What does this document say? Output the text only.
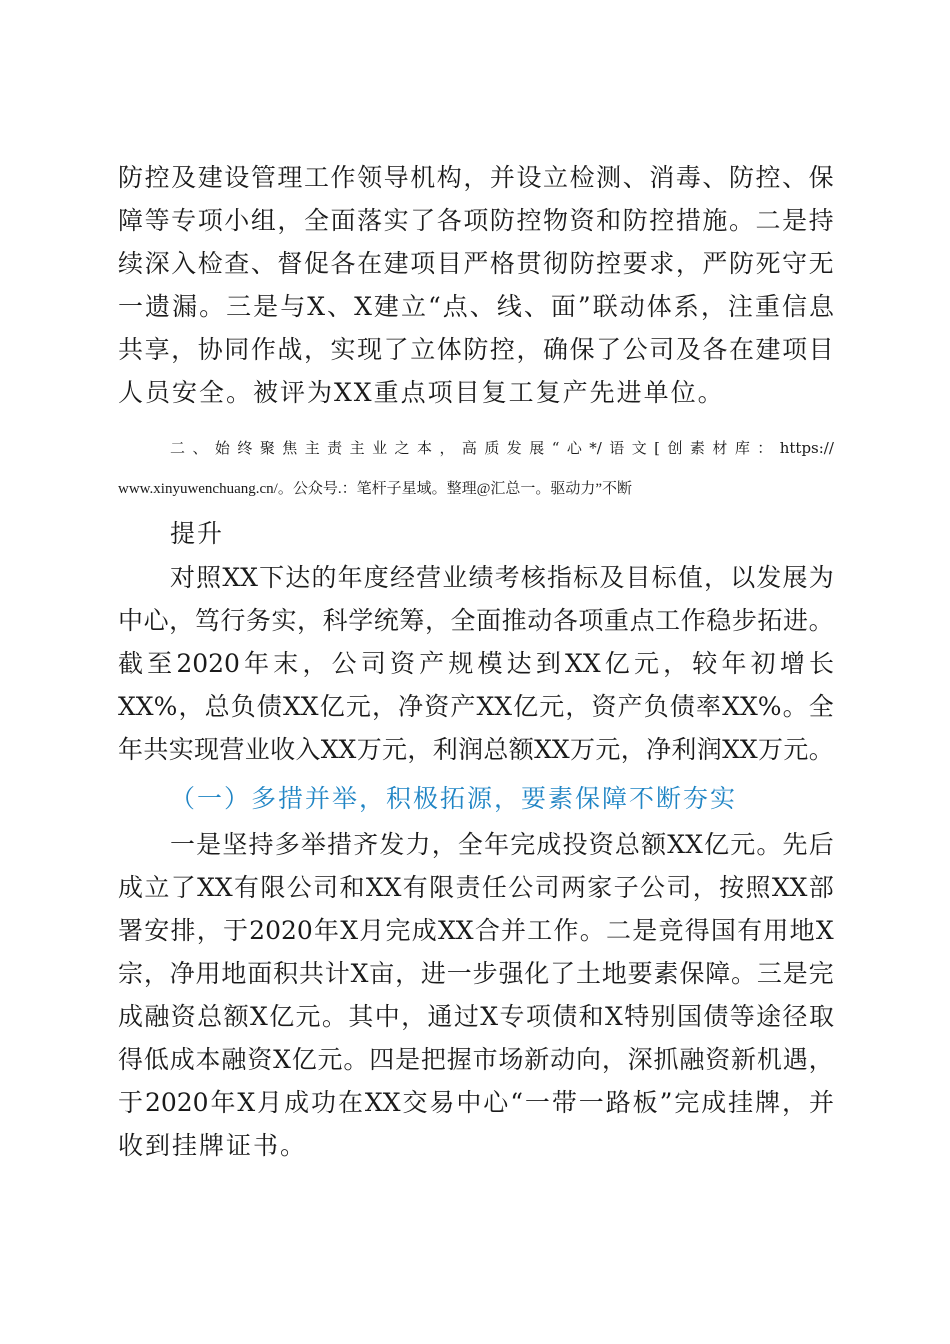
防 控 及 建 设 管 理 工 作 领 导 机 构 ， 并 设 立 检 测 、 消 毒 、 防 控 、 保
障 等 专 项 小 组 ， 全 面 落 实 了 各 项 防 控 物 资 和 防 控 措 施 。 二 是 持
续 深 入 检 查 、 督 促 各 在 建 项 目 严 格 贯 彻 防 控 要 求 ， 严 防 死 守 无
一 遗 漏 。 三 是 与 X 、 X 建 立 “ 点 、 线 、 面 ” 联 动 体 系 ， 注 重 信 息
共 享 ， 协 同 作 战 ， 实 现 了 立 体 防 控 ， 确 保 了 公 司 及 各 在 建 项 目
人员安全。被评为XX重点项目复工复产先进单位。
二 、 始 终 聚 焦 主 责 主 业 之 本 ， 高 质 发 展 “ 心 */ 语 文 [ 创 素 材 库 ： https://
www.xinyuwenchuang.cn/。公众号.：笔杆子星域。整理@汇总一。驱动力”不断
提升
对 照 XX 下 达 的 年 度 经 营 业 绩 考 核 指 标 及 目 标 值 ， 以 发 展 为
中 心 ， 笃 行 务 实 ， 科 学 统 筹 ， 全 面 推 动 各 项 重 点 工 作 稳 步 拓 进 。
截 至 2020 年 末 ， 公 司 资 产 规 模 达 到 XX 亿 元 ， 较 年 初 增 长
XX% ， 总 负 债 XX 亿 元 ， 净 资 产 XX 亿 元 ， 资 产 负 债 率 XX% 。 全
年 共 实 现 营 业 收 入 XX 万 元 ， 利 润 总 额 XX 万 元 ， 净 利 润 XX 万 元 。
（一）多措并举，积极拓源，要素保障不断夯实
一 是 坚 持 多 举 措 齐 发 力 ， 全 年 完 成 投 资 总 额 XX 亿 元 。 先 后
成 立 了 XX 有 限 公 司 和 XX 有 限 责 任 公 司 两 家 子 公 司 ， 按 照 XX 部
署 安 排 ， 于 2020 年 X 月 完 成 XX 合 并 工 作 。 二 是 竞 得 国 有 用 地 X
宗 ， 净 用 地 面 积 共 计 X 亩 ， 进 一 步 强 化 了 土 地 要 素 保 障 。 三 是 完
成 融 资 总 额 X 亿 元 。 其 中 ， 通 过 X 专 项 债 和 X 特 别 国 债 等 途 径 取
得 低 成 本 融 资 X 亿 元 。 四 是 把 握 市 场 新 动 向 ， 深 抓 融 资 新 机 遇 ，
于 2020 年 X 月 成 功 在 XX 交 易 中 心 “ 一 带 一 路 板 ” 完 成 挂 牌 ， 并
收到挂牌证书。
